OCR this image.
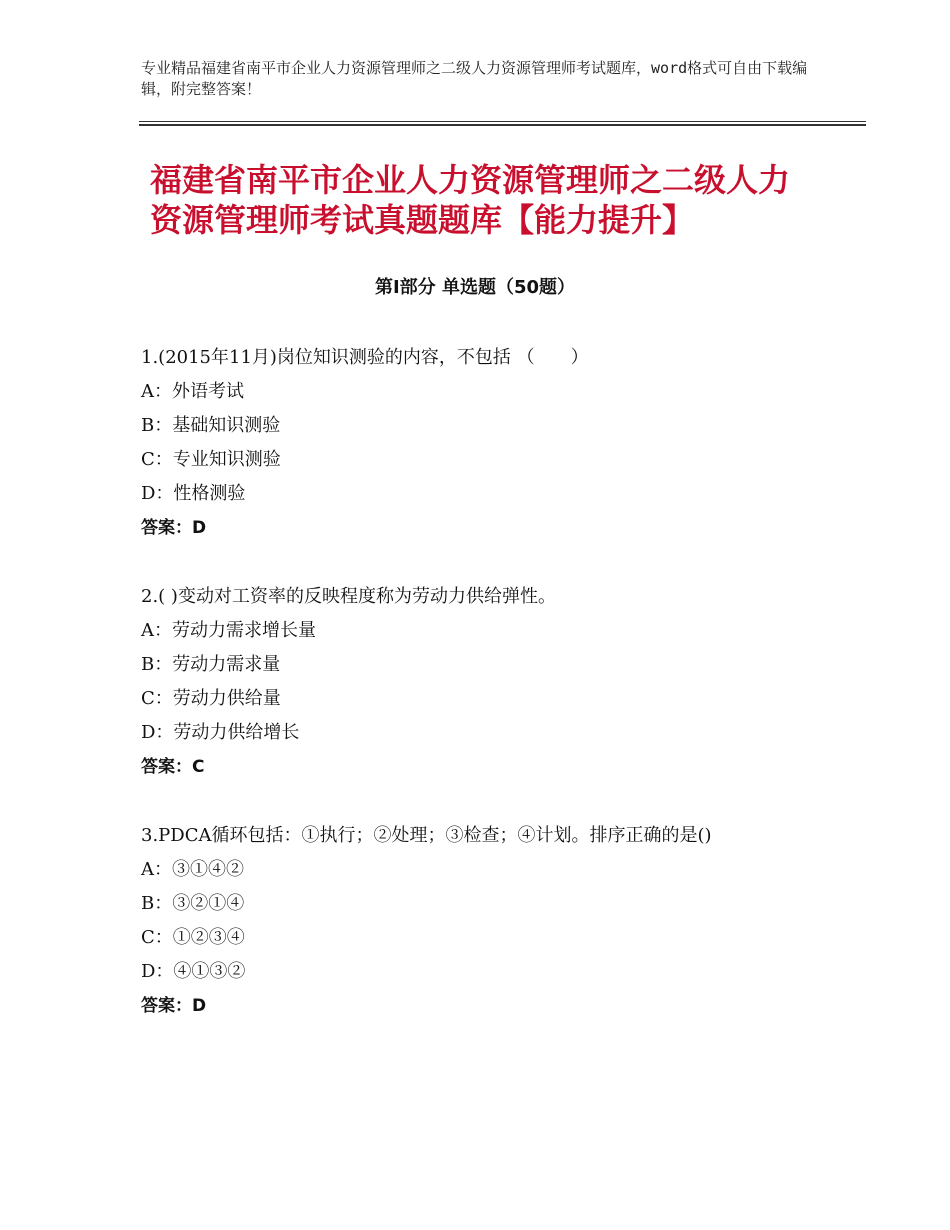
专业精品福建省南平市企业人力资源管理师之二级人力资源管理师考试题库，word格式可自由下载编辑，附完整答案！
福建省南平市企业人力资源管理师之二级人力资源管理师考试真题题库【能力提升】
第Ⅰ部分 单选题（50题）
1.(2015年11月)岗位知识测验的内容，不包括 （　　）
A：外语考试
B：基础知识测验
C：专业知识测验
D：性格测验
答案：D
2.( )变动对工资率的反映程度称为劳动力供给弹性。
A：劳动力需求增长量
B：劳动力需求量
C：劳动力供给量
D：劳动力供给增长
答案：C
3.PDCA循环包括：①执行；②处理；③检查；④计划。排序正确的是()
A：③①④②
B：③②①④
C：①②③④
D：④①③②
答案：D
